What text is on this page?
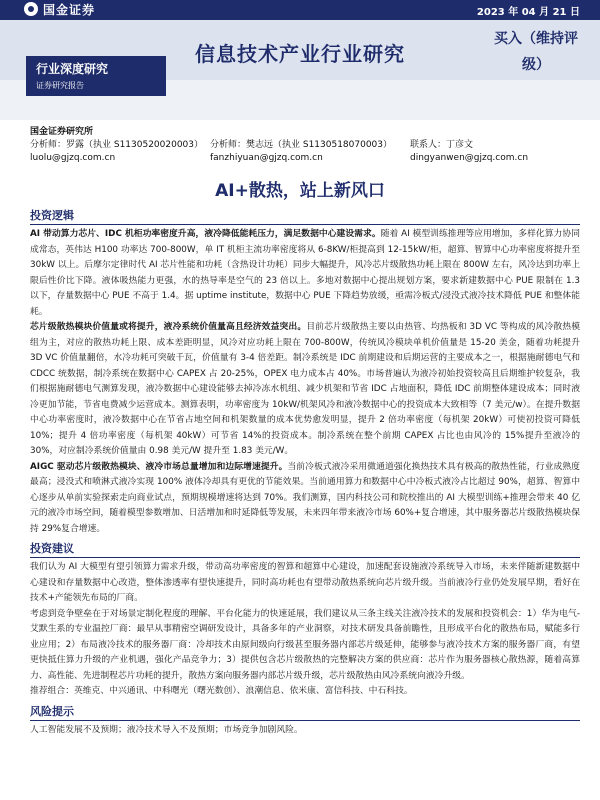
国金证券	2023 年 04 月 21 日
信息技术产业行业研究
行业深度研究
证券研究报告
买入（维持评
级）
国金证券研究所
分析师：罗露（执业 S1130520020003） 分析师：樊志远（执业 S1130518070003）	联系人：丁彦文
luolu@gjzq.com.cn	fanzhiyuan@gjzq.com.cn	dingyanwen@gjzq.com.cn
AI+散热，站上新风口
投资逻辑

AI 带动算力芯片、IDC 机柜功率密度升高，液冷降低能耗压力，满足数据中心建设需求。随着 AI 模型训练推理等应用增加，多样化算力协同成常态，英伟达 H100 功率达 700-800W，单 IT 机柜主流功率密度将从 6-8KW/柜提高到 12-15kW/柜，超算、智算中心功率密度将提升至 30kW 以上。后摩尔定律时代 AI 芯片性能和功耗（含热设计功耗）同步大幅提升，风冷芯片级散热功耗上限在 800W 左右，风冷达到功率上限后性价比下降。液体吸热能力更强，水的热导率是空气的 23 倍以上。多地对数据中心提出规划方案，要求新建数据中心 PUE 限制在 1.3 以下，存量数据中心 PUE 不高于 1.4。据 uptime institute，数据中心 PUE 下降趋势放缓，亟需冷板式/浸没式液冷技术降低 PUE 和整体能耗。

芯片级散热模块价值量或将提升，液冷系统价值量高且经济效益突出。目前芯片级散热主要以由热管、均热板和 3D VC 等构成的风冷散热模组为主，对应的散热功耗上限、成本差距明显，风冷对应功耗上限在 700-800W，传统风冷模块单机价值量是 15-20 美金，随着功耗提升 3D VC 价值量翻倍，水冷功耗可突破千瓦，价值量有 3-4 倍差距。制冷系统是 IDC 前期建设和后期运营的主要成本之一，根据施耐德电气和 CDCC 统数据，制冷系统在数据中心 CAPEX 占 20-25%，OPEX 电力成本占 40%。市场普遍认为液冷初始投资较高且后期维护较复杂，我们根据施耐德电气测算发现，液冷数据中心建设能够去掉冷冻水机组、减少机架和节省 IDC 占地面积，降低 IDC 前期整体建设成本；同时液冷更加节能，节省电费减少运营成本。测算表明，功率密度为 10kW/机架风冷和液冷数据中心的投资成本大致相等（7 美元/w）。在提升数据中心功率密度时，液冷数据中心在节省占地空间和机架数量的成本优势愈发明显，提升 2 倍功率密度（每机架 20kW）可使初投资可降低 10%；提升 4 倍功率密度（每机架 40kW）可节省 14%的投资成本。制冷系统在整个前期 CAPEX 占比也由风冷的 15%提升至液冷的 30%，对应制冷系统价值量由 0.98 美元/W 提升至 1.83 美元/W。

AIGC 驱动芯片级散热模块、液冷市场总量增加和边际增速提升。当前冷板式液冷采用微通道强化换热技术具有极高的散热性能，行业成熟度最高；浸没式和喷淋式液冷实现 100% 液体冷却具有更优的节能效果。当前通用算力和数据中心中冷板式液冷占比超过 90%，超算、智算中心逐步从单前实验探索走向商业试点，预期规模增速将达到 70%。我们测算，国内科技公司和院校推出的 AI 大模型训练+推理会带来 40 亿元的液冷市场空间，随着模型参数增加、日活增加和时延降低等发展，未来四年带来液冷市场 60%+复合增速，其中服务器芯片级散热模块保持 29%复合增速。

投资建议

我们认为 AI 大模型有望引领算力需求升级，带动高功率密度的智算和超算中心建设，加速配套设施液冷系统导入市场，未来伴随新建数据中心建设和存量数据中心改造，整体渗透率有望快速提升，同时高功耗也有望带动散热系统向芯片级升级。当前液冷行业仍处发展早期，看好在技术+产能领先布局的厂商。

考虑到竞争壁垒在于对场景定制化程度的理解、平台化能力的快速延展，我们建议从三条主线关注液冷技术的发展和投资机会：1）华为电气-艾默生系的专业温控厂商：最早从事精密空调研发设计，具备多年的产业洞察，对技术研发具备前瞻性，且形成平台化的散热布局，赋能多行业应用；2）布局液冷技术的服务器厂商：冷却技术由原间级向行级甚至服务器内部芯片级延伸，能够参与液冷技术方案的服务器厂商，有望更快抵住算力升级的产业机遇，强化产品竞争力；3）提供包含芯片级散热的完整解决方案的供应商：芯片作为服务器核心散热源，随着高算力、高性能、先进制程芯片功耗的提升，散热方案向服务器内部芯片级升级，芯片级散热由风冷系统向液冷升级。

推荐组合：英维克、中兴通讯、中科曙光（曙光数创）、浪潮信息、依米康、富信科技、中石科技。

风险提示

人工智能发展不及预期；液冷技术导入不及预期；市场竞争加剧风险。
